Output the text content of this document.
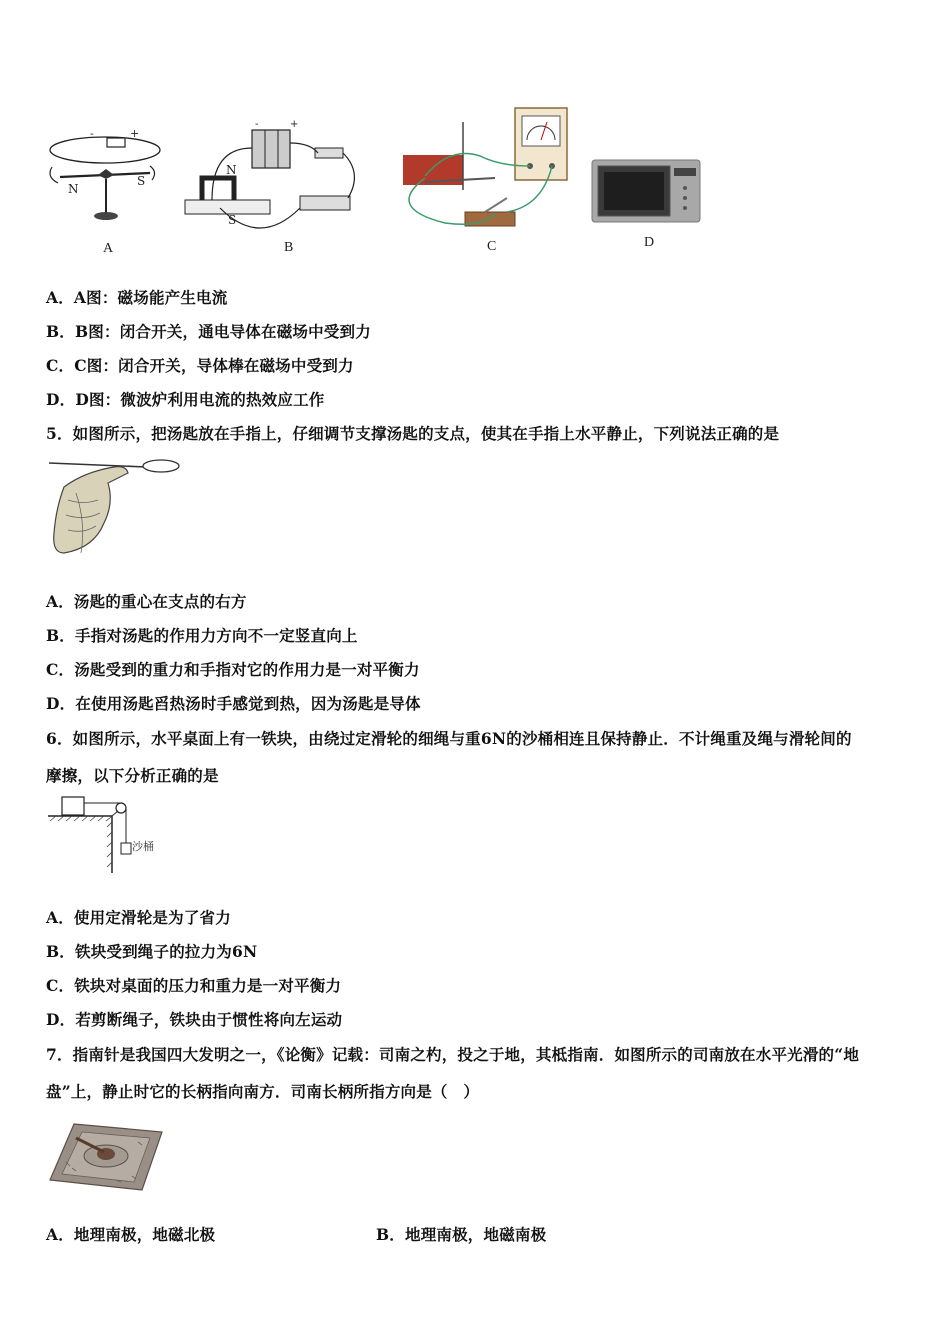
-	+
N
S
A
-	+
N
S
B	C	D
A．A图：磁场能产生电流
B．B图：闭合开关，通电导体在磁场中受到力
C．C图：闭合开关，导体棒在磁场中受到力
D．D图：微波炉利用电流的热效应工作
5．如图所示，把汤匙放在手指上，仔细调节支撑汤匙的支点，使其在手指上水平静止，下列说法正确的是
A．汤匙的重心在支点的右方
B．手指对汤匙的作用力方向不一定竖直向上
C．汤匙受到的重力和手指对它的作用力是一对平衡力
D．在使用汤匙舀热汤时手感觉到热，因为汤匙是导体
6．如图所示，水平桌面上有一铁块，由绕过定滑轮的细绳与重6N的沙桶相连且保持静止．不计绳重及绳与滑轮间的
摩擦，以下分析正确的是
沙桶
A．使用定滑轮是为了省力
B．铁块受到绳子的拉力为6N
C．铁块对桌面的压力和重力是一对平衡力
D．若剪断绳子，铁块由于惯性将向左运动
7．指南针是我国四大发明之一，《论衡》记载：司南之杓，投之于地，其柢指南．如图所示的司南放在水平光滑的“地
盘”上，静止时它的长柄指向南方．司南长柄所指方向是（　）
A．地理南极，地磁北极	B．地理南极，地磁南极
